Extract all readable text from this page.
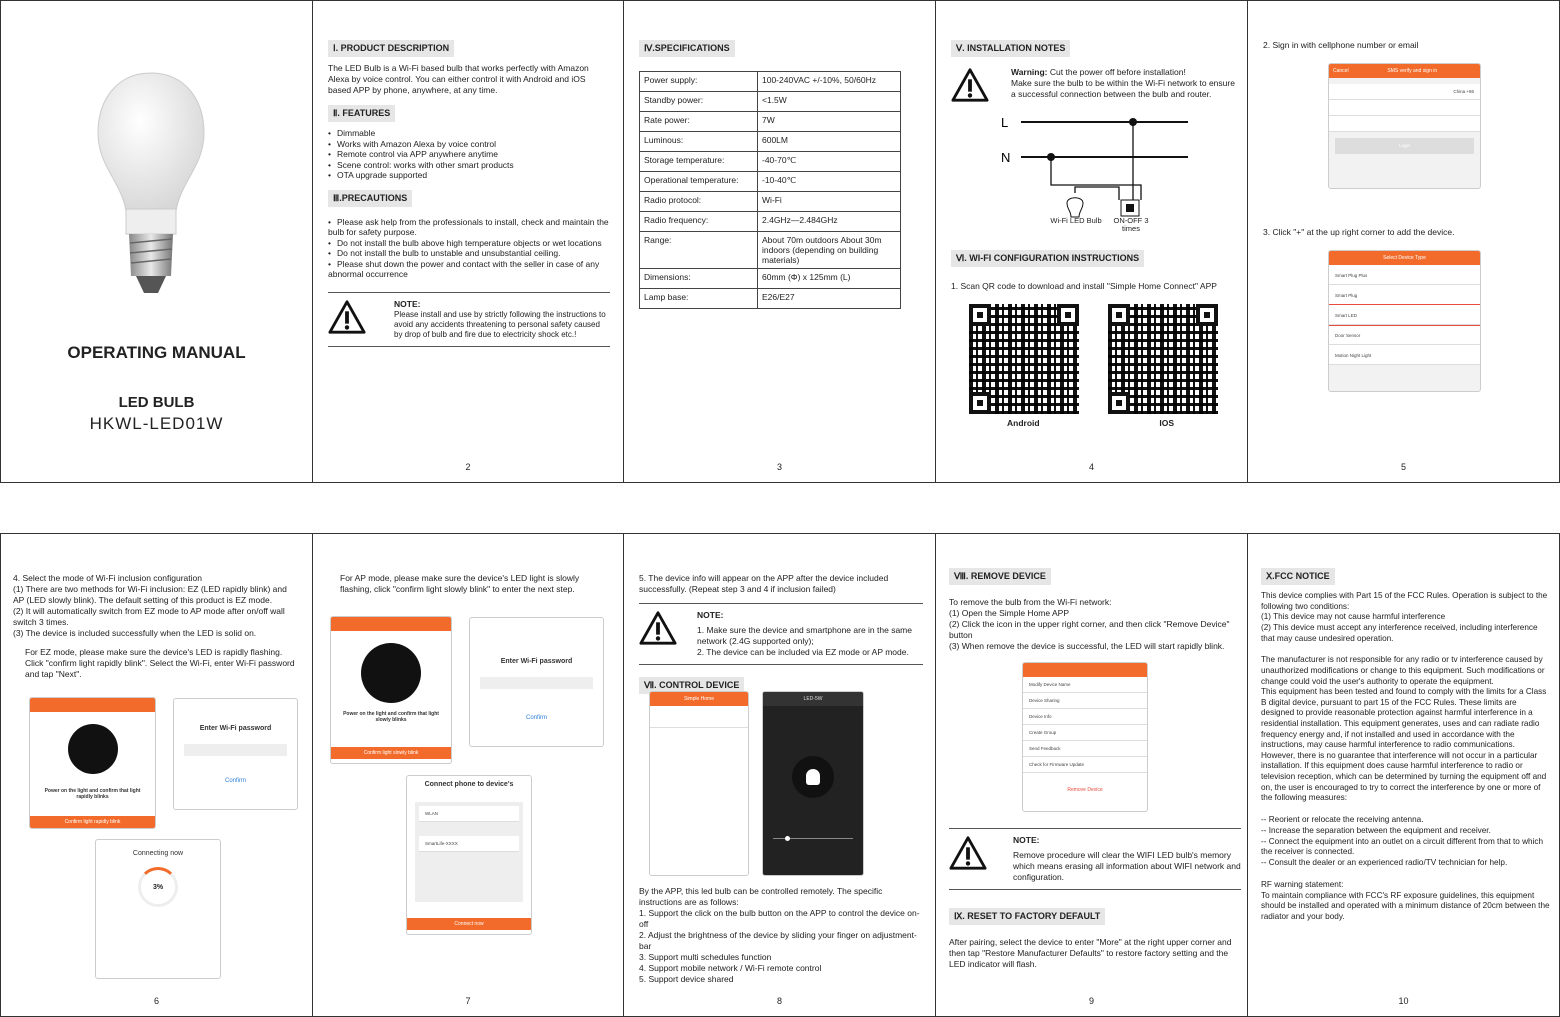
OPERATING MANUAL
LED BULB
HKWL-LED01W
Ⅰ. PRODUCT DESCRIPTION
The LED Bulb is a Wi-Fi based bulb that works perfectly with Amazon Alexa by voice control. You can either control it with Android and iOS based APP by phone, anywhere, at any time.
Ⅱ. FEATURES
• Dimmable
• Works with Amazon Alexa by voice control
• Remote control via APP anywhere anytime
• Scene control: works with other smart products
• OTA upgrade supported
Ⅲ.PRECAUTIONS
• Please ask help from the professionals to install, check and maintain the bulb for safety purpose.
• Do not install the bulb above high temperature objects or wet locations
• Do not install the bulb to unstable and unsubstantial ceiling.
• Please shut down the power and contact with the seller in case of any abnormal occurrence
NOTE:
Please install and use by strictly following the instructions to avoid any accidents threatening to personal safety caused by drop of bulb and fire due to electricity shock etc.!
2
Ⅳ.SPECIFICATIONS
Power supply:	100-240VAC +/-10%, 50/60Hz
Standby power:	<1.5W
Rate power:	7W
Luminous:	600LM
Storage temperature:	-40-70℃
Operational temperature:	-10-40℃
Radio protocol:	Wi-Fi
Radio frequency:	2.4GHz—2.484GHz
Range:	About 70m outdoors About 30m indoors (depending on building materials)
Dimensions:	60mm (Φ) x 125mm (L)
Lamp base:	E26/E27
3
Ⅴ. INSTALLATION NOTES
Warning: Cut the power off before installation!
Make sure the bulb to be within the Wi-Fi network to ensure a successful connection between the bulb and router.
L
N
Wi-Fi LED Bulb	ON-OFF 3 times
Ⅵ. WI-FI CONFIGURATION INSTRUCTIONS
1. Scan QR code to download and install "Simple Home Connect" APP
Android	IOS
4
2. Sign in with cellphone number or email
Cancel	SMS verify and sign in
China +86
Login
3. Click "+" at the up right corner to add the device.
Select Device Type
Smart Plug Plus
Smart Plug
Smart LED
Door Sensor
Motion Night Light
5
4. Select the mode of Wi-Fi inclusion configuration
(1) There are two methods for Wi-Fi inclusion: EZ (LED rapidly blink) and AP (LED slowly blink). The default setting of this product is EZ mode.
(2) It will automatically switch from EZ mode to AP mode after on/off wall switch 3 times.
(3) The device is included successfully when the LED is solid on.
For EZ mode, please make sure the device's LED is rapidly flashing. Click "confirm light rapidly blink". Select the Wi-Fi, enter Wi-Fi password and tap "Next".
Power on the light and confirm that light rapidly blinks
Confirm light rapidly blink
Enter Wi-Fi password
Confirm
Connecting now
3%
6
For AP mode, please make sure the device's LED light is slowly flashing, click "confirm light slowly blink" to enter the next step.
Power on the light and confirm that light slowly blinks
Confirm light slowly blink
Enter Wi-Fi password
Confirm
Connect phone to device's
WLAN
SmartLife-XXXX
Connect now
7
5. The device info will appear on the APP after the device included successfully. (Repeat step 3 and 4 if inclusion failed)
NOTE:
1. Make sure the device and smartphone are in the same network (2.4G supported only);
2. The device can be included via EZ mode or AP mode.
Ⅶ. CONTROL DEVICE
Simple Home	LED-5W
By the APP, this led bulb can be controlled remotely. The specific instructions are as follows:
1. Support the click on the bulb button on the APP to control the device on-off
2. Adjust the brightness of the device by sliding your finger on adjustment-bar
3. Support multi schedules function
4. Support mobile network / Wi-Fi remote control
5. Support device shared
8
Ⅷ. REMOVE DEVICE
To remove the bulb from the Wi-Fi network:
(1) Open the Simple Home APP
(2) Click the icon in the upper right corner, and then click "Remove Device" button
(3) When remove the device is successful, the LED will start rapidly blink.
Modify Device Name
Device Sharing
Device Info
Create Group
Send Feedback
Check for Firmware Update
Remove Device
NOTE:
Remove procedure will clear the WIFI LED bulb's memory which means erasing all information about WIFI network and configuration.
Ⅸ. RESET TO FACTORY DEFAULT
After pairing, select the device to enter "More" at the right upper corner and then tap "Restore Manufacturer Defaults" to restore factory setting and the LED indicator will flash.
9
Ⅹ.FCC NOTICE
This device complies with Part 15 of the FCC Rules. Operation is subject to the following two conditions:
(1) This device may not cause harmful interference
(2) This device must accept any interference received, including interference that may cause undesired operation.
The manufacturer is not responsible for any radio or tv interference caused by unauthorized modifications or change to this equipment. Such modifications or change could void the user's authority to operate the equipment.
This equipment has been tested and found to comply with the limits for a Class B digital device, pursuant to part 15 of the FCC Rules. These limits are designed to provide reasonable protection against harmful interference in a residential installation. This equipment generates, uses and can radiate radio frequency energy and, if not installed and used in accordance with the instructions, may cause harmful interference to radio communications. However, there is no guarantee that interference will not occur in a particular installation. If this equipment does cause harmful interference to radio or television reception, which can be determined by turning the equipment off and on, the user is encouraged to try to correct the interference by one or more of the following measures:
-- Reorient or relocate the receiving antenna.
-- Increase the separation between the equipment and receiver.
-- Connect the equipment into an outlet on a circuit different from that to which the receiver is connected.
-- Consult the dealer or an experienced radio/TV technician for help.
RF warning statement:
To maintain compliance with FCC's RF exposure guidelines, this equipment should be installed and operated with a minimum distance of 20cm between the radiator and your body.
10
